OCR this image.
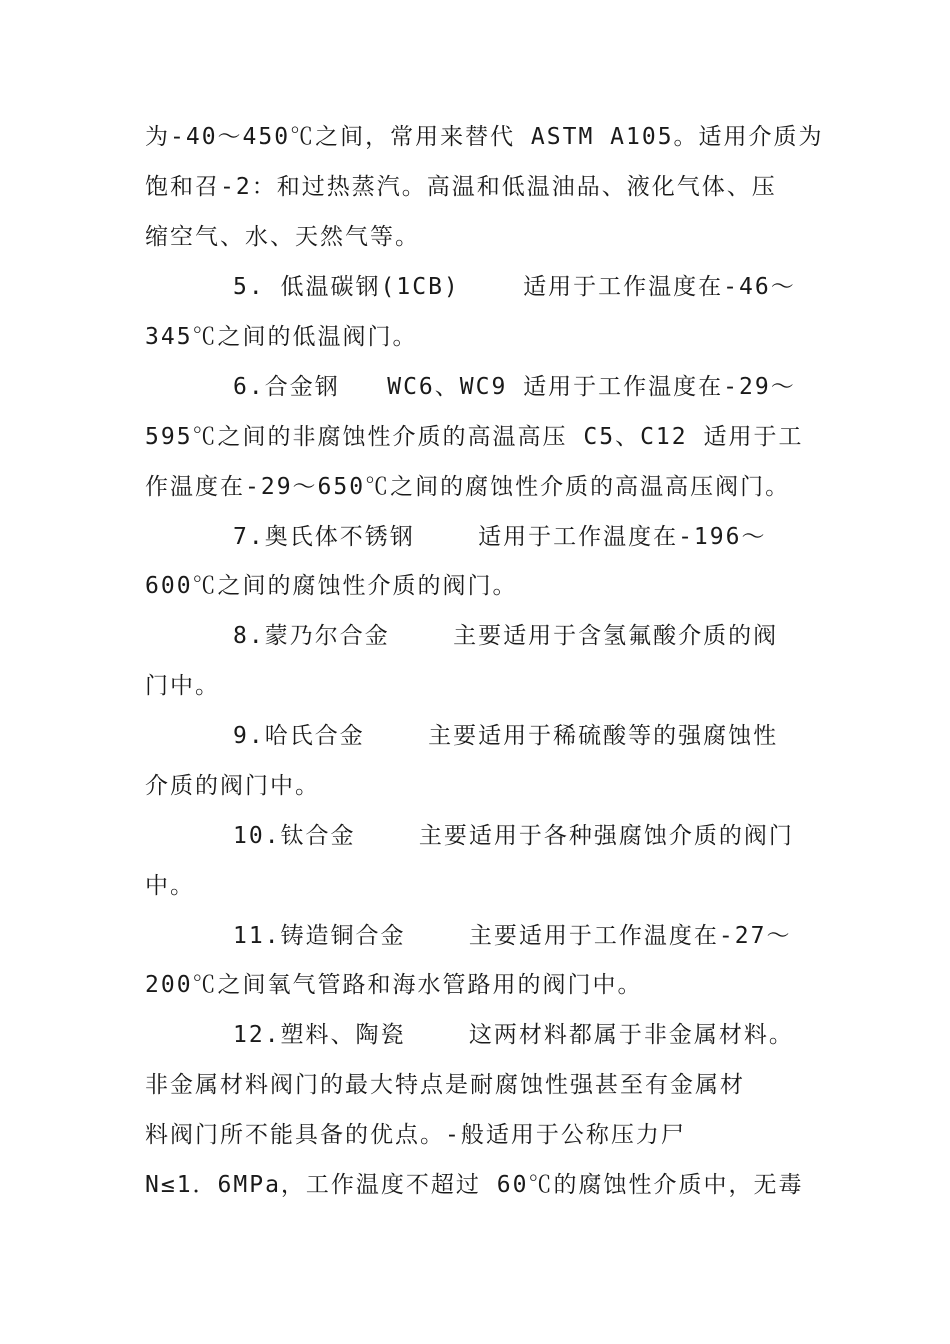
为-40～450℃之间，常用来替代 ASTM A105。适用介质为
饱和召-2：和过热蒸汽。高温和低温油品、液化气体、压
缩空气、水、天然气等。
5. 低温碳钢(1CB)    适用于工作温度在-46～
345℃之间的低温阀门。
6.合金钢   WC6、WC9 适用于工作温度在-29～
595℃之间的非腐蚀性介质的高温高压 C5、C12 适用于工
作温度在-29～650℃之间的腐蚀性介质的高温高压阀门。
7.奥氏体不锈钢    适用于工作温度在-196～
600℃之间的腐蚀性介质的阀门。
8.蒙乃尔合金    主要适用于含氢氟酸介质的阀
门中。
9.哈氏合金    主要适用于稀硫酸等的强腐蚀性
介质的阀门中。
10.钛合金    主要适用于各种强腐蚀介质的阀门
中。
11.铸造铜合金    主要适用于工作温度在-27～
200℃之间氧气管路和海水管路用的阀门中。
12.塑料、陶瓷    这两材料都属于非金属材料。
非金属材料阀门的最大特点是耐腐蚀性强甚至有金属材
料阀门所不能具备的优点。-般适用于公称压力尸
N≤1．6MPa，工作温度不超过 60℃的腐蚀性介质中，无毒
